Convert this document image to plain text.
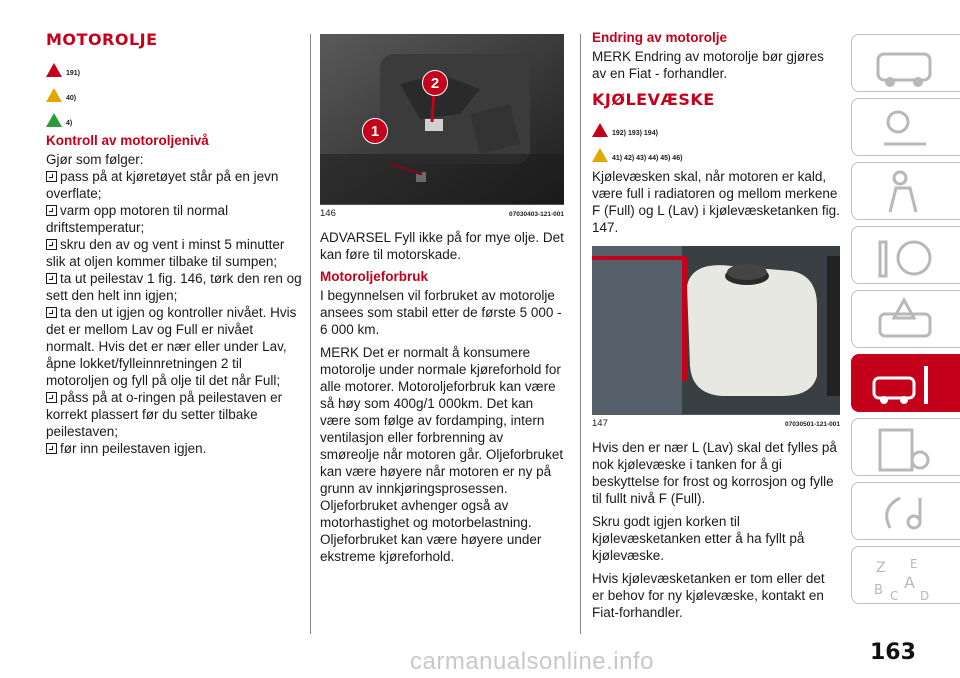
MOTOROLJE
191)
40)
4)
Kontroll av motoroljenivå

Gjør som følger:

pass på at kjøretøyet står på en jevn overflate;
varm opp motoren til normal driftstemperatur;
skru den av og vent i minst 5 minutter slik at oljen kommer tilbake til sumpen;
ta ut peilestav 1 fig. 146, tørk den ren og sett den helt inn igjen;
ta den ut igjen og kontroller nivået. Hvis det er mellom Lav og Full er nivået normalt. Hvis det er nær eller under Lav, åpne lokket/fylleinnretningen 2 til motoroljen og fyll på olje til det når Full;
påss på at o-ringen på peilestaven er korrekt plassert før du setter tilbake peilestaven;
før inn peilestaven igjen.
1
2
146	07030403-121-001

ADVARSEL Fyll ikke på for mye olje. Det kan føre til motorskade.

Motoroljeforbruk

I begynnelsen vil forbruket av motorolje ansees som stabil etter de første 5 000 - 6 000 km.

MERK Det er normalt å konsumere motorolje under normale kjøreforhold for alle motorer. Motoroljeforbruk kan være så høy som 400g/1 000km. Det kan være som følge av fordamping, intern ventilasjon eller forbrenning av smøreolje når motoren går. Oljeforbruket kan være høyere når motoren er ny på grunn av innkjøringsprosessen. Oljeforbruket avhenger også av motorhastighet og motorbelastning. Oljeforbruket kan være høyere under ekstreme kjøreforhold.

Endring av motorolje

MERK Endring av motorolje bør gjøres av en Fiat - forhandler.

KJØLEVÆSKE
192) 193) 194)
41) 42) 43) 44) 45) 46)

Kjølevæsken skal, når motoren er kald, være full i radiatoren og mellom merkene F (Full) og L (Lav) i kjølevæsketanken fig. 147.

147	07030501-121-001

Hvis den er nær L (Lav) skal det fylles på nok kjølevæske i tanken for å gi beskyttelse for frost og korrosjon og fylle til fullt nivå F (Full).

Skru godt igjen korken til kjølevæsketanken etter å ha fyllt på kjølevæske.

Hvis kjølevæsketanken er tom eller det er behov for ny kjølevæske, kontakt en Fiat-forhandler.

Z E
B A
C D
163
carmanualsonline.info
